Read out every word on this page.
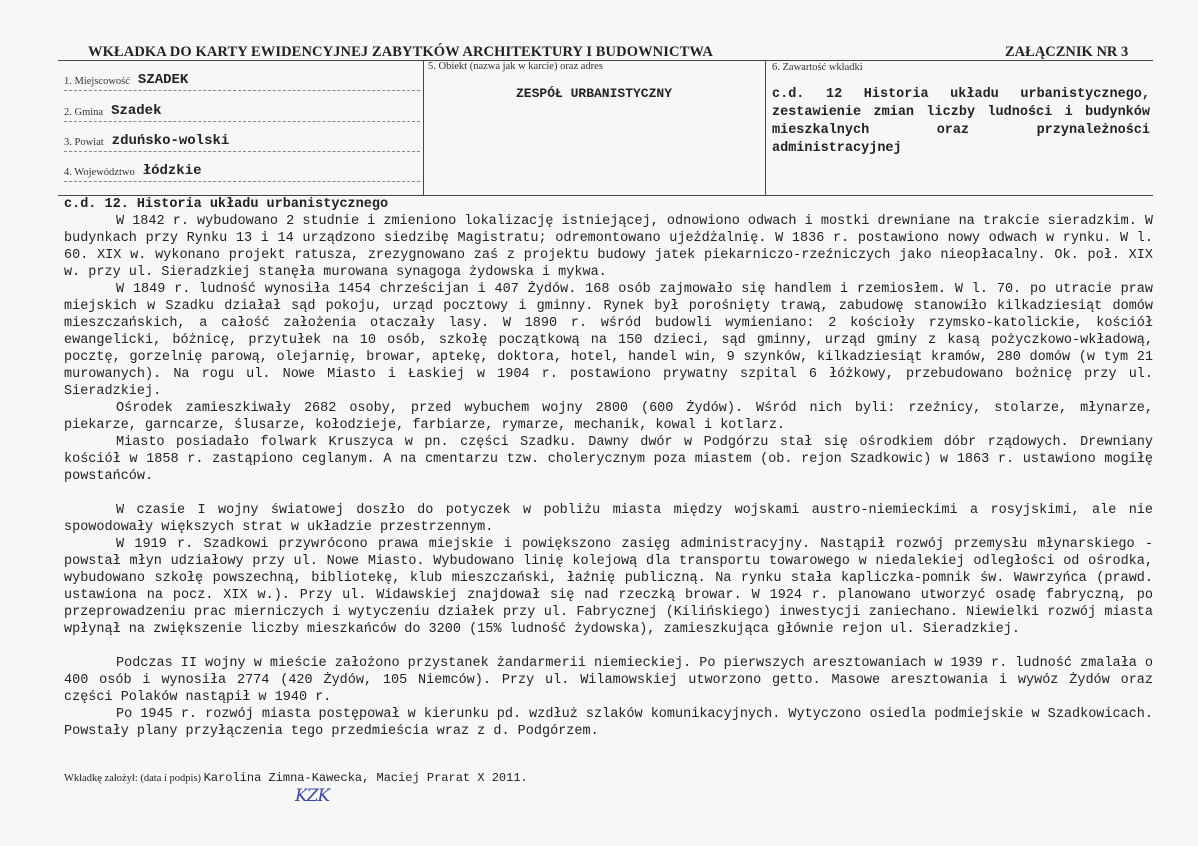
WKŁADKA DO KARTY EWIDENCYJNEJ ZABYTKÓW ARCHITEKTURY I BUDOWNICTWA	ZAŁĄCZNIK NR 3
1. Miejscowość SZADEK
2. Gmina Szadek
3. Powiat zduńsko-wolski
4. Województwo łódzkie
5. Obiekt (nazwa jak w karcie) oraz adres
ZESPÓŁ URBANISTYCZNY
6. Zawartość wkładki
c.d. 12 Historia układu urbanistycznego, zestawienie zmian liczby ludności i budynków mieszkalnych oraz przynależności administracyjnej
c.d. 12. Historia układu urbanistycznego

W 1842 r. wybudowano 2 studnie i zmieniono lokalizację istniejącej, odnowiono odwach i mostki drewniane na trakcie sieradzkim. W budynkach przy Rynku 13 i 14 urządzono siedzibę Magistratu; odremontowano ujeżdżalnię. W 1836 r. postawiono nowy odwach w rynku. W l. 60. XIX w. wykonano projekt ratusza, zrezygnowano zaś z projektu budowy jatek piekarniczo-rzeźniczych jako nieopłacalny. Ok. poł. XIX w. przy ul. Sieradzkiej stanęła murowana synagoga żydowska i mykwa.

W 1849 r. ludność wynosiła 1454 chrześcijan i 407 Żydów. 168 osób zajmowało się handlem i rzemiosłem. W l. 70. po utracie praw miejskich w Szadku działał sąd pokoju, urząd pocztowy i gminny. Rynek był porośnięty trawą, zabudowę stanowiło kilkadziesiąt domów mieszczańskich, a całość założenia otaczały lasy. W 1890 r. wśród budowli wymieniano: 2 kościoły rzymsko-katolickie, kościół ewangelicki, bóżnicę, przytułek na 10 osób, szkołę początkową na 150 dzieci, sąd gminny, urząd gminy z kasą pożyczkowo-wkładową, pocztę, gorzelnię parową, olejarnię, browar, aptekę, doktora, hotel, handel win, 9 szynków, kilkadziesiąt kramów, 280 domów (w tym 21 murowanych). Na rogu ul. Nowe Miasto i Łaskiej w 1904 r. postawiono prywatny szpital 6 łóżkowy, przebudowano bożnicę przy ul. Sieradzkiej.

Ośrodek zamieszkiwały 2682 osoby, przed wybuchem wojny 2800 (600 Żydów). Wśród nich byli: rzeźnicy, stolarze, młynarze, piekarze, garncarze, ślusarze, kołodzieje, farbiarze, rymarze, mechanik, kowal i kotlarz.

Miasto posiadało folwark Kruszyca w pn. części Szadku. Dawny dwór w Podgórzu stał się ośrodkiem dóbr rządowych. Drewniany kościół w 1858 r. zastąpiono ceglanym. A na cmentarzu tzw. cholerycznym poza miastem (ob. rejon Szadkowic) w 1863 r. ustawiono mogiłę powstańców.

W czasie I wojny światowej doszło do potyczek w pobliżu miasta między wojskami austro-niemieckimi a rosyjskimi, ale nie spowodowały większych strat w układzie przestrzennym.

W 1919 r. Szadkowi przywrócono prawa miejskie i powiększono zasięg administracyjny. Nastąpił rozwój przemysłu młynarskiego - powstał młyn udziałowy przy ul. Nowe Miasto. Wybudowano linię kolejową dla transportu towarowego w niedalekiej odległości od ośrodka, wybudowano szkołę powszechną, bibliotekę, klub mieszczański, łaźnię publiczną. Na rynku stała kapliczka-pomnik św. Wawrzyńca (prawd. ustawiona na pocz. XIX w.). Przy ul. Widawskiej znajdował się nad rzeczką browar. W 1924 r. planowano utworzyć osadę fabryczną, po przeprowadzeniu prac mierniczych i wytyczeniu działek przy ul. Fabrycznej (Kilińskiego) inwestycji zaniechano. Niewielki rozwój miasta wpłynął na zwiększenie liczby mieszkańców do 3200 (15% ludność żydowska), zamieszkująca głównie rejon ul. Sieradzkiej.

Podczas II wojny w mieście założono przystanek żandarmerii niemieckiej. Po pierwszych aresztowaniach w 1939 r. ludność zmalała o 400 osób i wynosiła 2774 (420 Żydów, 105 Niemców). Przy ul. Wilamowskiej utworzono getto. Masowe aresztowania i wywóz Żydów oraz części Polaków nastąpił w 1940 r.

Po 1945 r. rozwój miasta postępował w kierunku pd. wzdłuż szlaków komunikacyjnych. Wytyczono osiedla podmiejskie w Szadkowicach. Powstały plany przyłączenia tego przedmieścia wraz z d. Podgórzem.

Wkładkę założył: (data i podpis) Karolina Zimna-Kawecka, Maciej Prarat X 2011.
KZK
